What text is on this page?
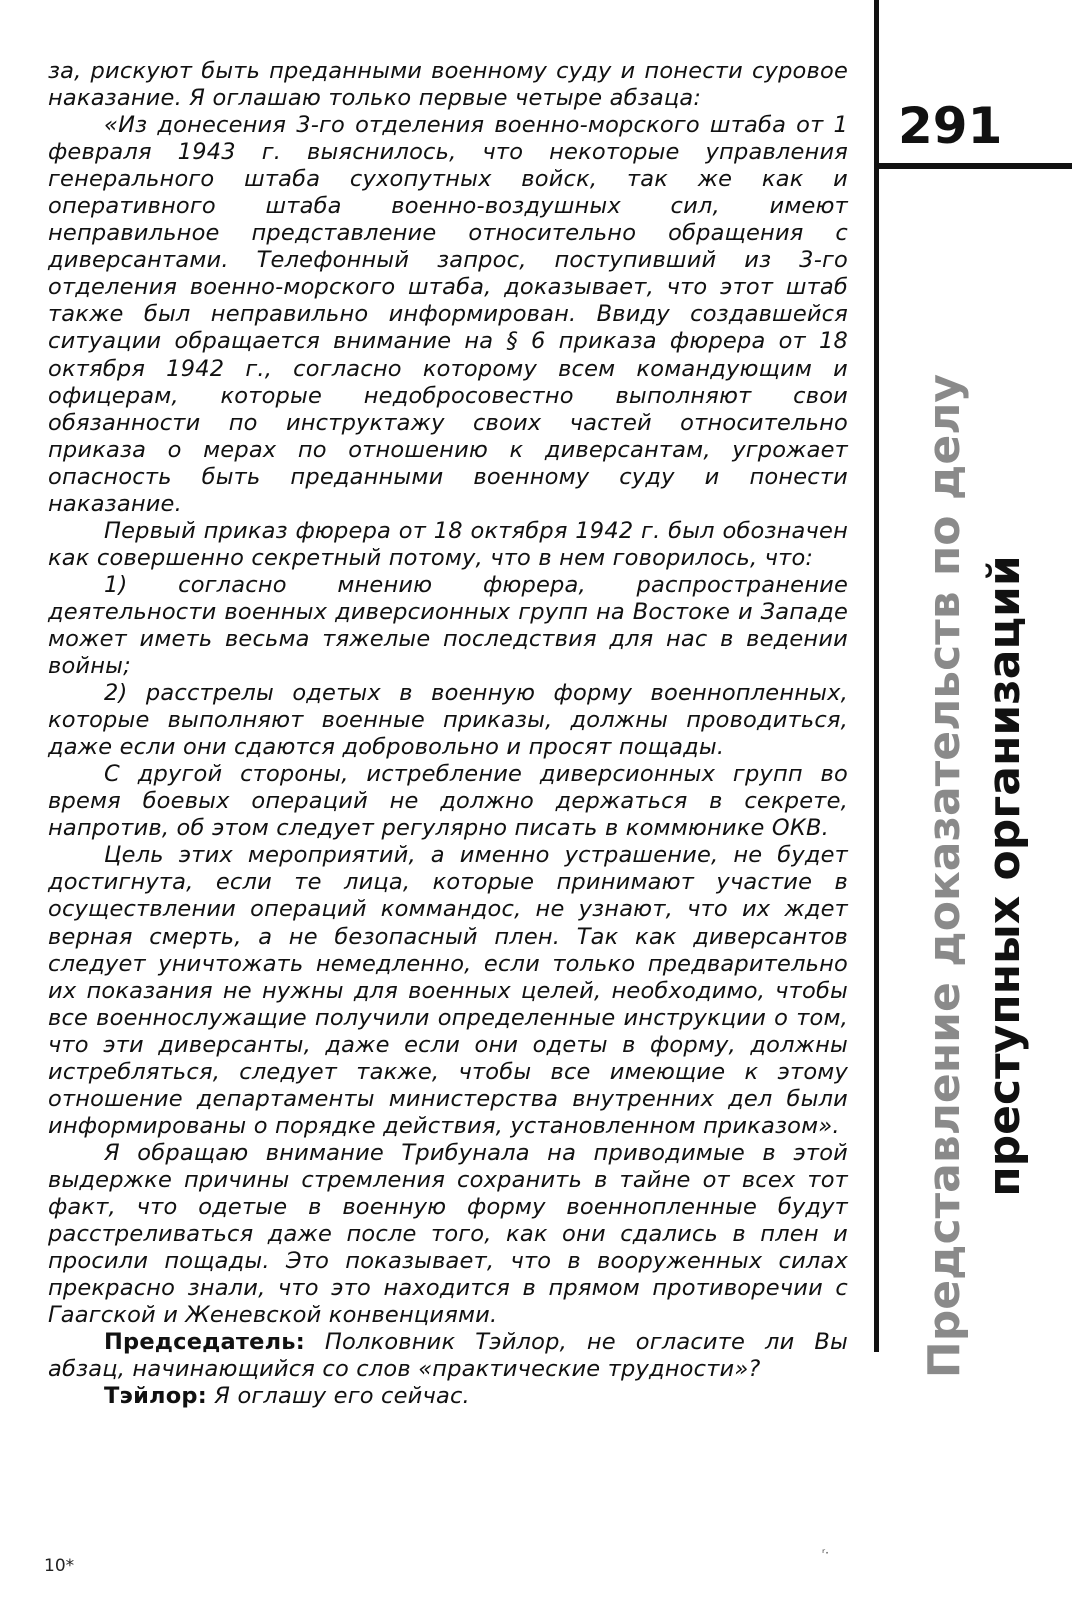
за, рискуют быть преданными военному суду и понести суровое наказание. Я оглашаю только первые четыре абзаца:

«Из донесения 3-го отделения военно-морского штаба от 1 февраля 1943 г. выяснилось, что некоторые управления генерального штаба сухопутных войск, так же как и оперативного штаба военно-воздушных сил, имеют неправильное представление относительно обращения с диверсантами. Телефонный запрос, поступивший из 3-го отделения военно-морского штаба, доказывает, что этот штаб также был неправильно информирован. Ввиду создавшейся ситуации обращается внимание на § 6 приказа фюрера от 18 октября 1942 г., согласно которому всем командующим и офицерам, которые недобросовестно выполняют свои обязанности по инструктажу своих частей относительно приказа о мерах по отношению к диверсантам, угрожает опасность быть преданными военному суду и понести наказание.

Первый приказ фюрера от 18 октября 1942 г. был обозначен как совершенно секретный потому, что в нем говорилось, что:

1) согласно мнению фюрера, распространение деятельности военных диверсионных групп на Востоке и Западе может иметь весьма тяжелые последствия для нас в ведении войны;

2) расстрелы одетых в военную форму военнопленных, которые выполняют военные приказы, должны проводиться, даже если они сдаются добровольно и просят пощады.

С другой стороны, истребление диверсионных групп во время боевых операций не должно держаться в секрете, напротив, об этом следует регулярно писать в коммюнике ОКВ.

Цель этих мероприятий, а именно устрашение, не будет достигнута, если те лица, которые принимают участие в осуществлении операций коммандос, не узнают, что их ждет верная смерть, а не безопасный плен. Так как диверсантов следует уничтожать немедленно, если только предварительно их показания не нужны для военных целей, необходимо, чтобы все военнослужащие получили определенные инструкции о том, что эти диверсанты, даже если они одеты в форму, должны истребляться, следует также, чтобы все имеющие к этому отношение департаменты министерства внутренних дел были информированы о порядке действия, установленном приказом».

Я обращаю внимание Трибунала на приводимые в этой выдержке причины стремления сохранить в тайне от всех тот факт, что одетые в военную форму военнопленные будут расстреливаться даже после того, как они сдались в плен и просили пощады. Это показывает, что в вооруженных силах прекрасно знали, что это находится в прямом противоречии с Гаагской и Женевской конвенциями.

Председатель: Полковник Тэйлор, не огласите ли Вы абзац, начинающийся со слов «практические трудности»?

Тэйлор: Я оглашу его сейчас.

291
Представление доказательств по делу преступных организаций
10*
ʳ·
